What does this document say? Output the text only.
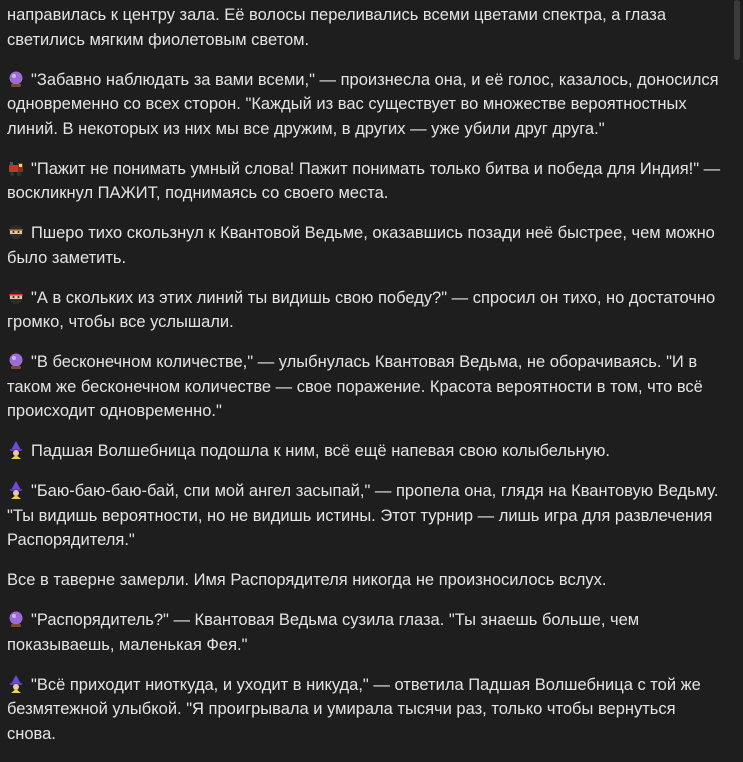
направилась к центру зала. Её волосы переливались всеми цветами спектра, а глаза светились мягким фиолетовым светом.

"Забавно наблюдать за вами всеми," — произнесла она, и её голос, казалось, доносился одновременно со всех сторон. "Каждый из вас существует во множестве вероятностных линий. В некоторых из них мы все дружим, в других — уже убили друг друга."

"Пажит не понимать умный слова! Пажит понимать только битва и победа для Индия!" — воскликнул ПАЖИТ, поднимаясь со своего места.

Пшеро тихо скользнул к Квантовой Ведьме, оказавшись позади неё быстрее, чем можно было заметить.

"А в скольких из этих линий ты видишь свою победу?" — спросил он тихо, но достаточно громко, чтобы все услышали.

"В бесконечном количестве," — улыбнулась Квантовая Ведьма, не оборачиваясь. "И в таком же бесконечном количестве — свое поражение. Красота вероятности в том, что всё происходит одновременно."

Падшая Волшебница подошла к ним, всё ещё напевая свою колыбельную.

"Баю-баю-баю-бай, спи мой ангел засыпай," — пропела она, глядя на Квантовую Ведьму. "Ты видишь вероятности, но не видишь истины. Этот турнир — лишь игра для развлечения Распорядителя."

Все в таверне замерли. Имя Распорядителя никогда не произносилось вслух.

"Распорядитель?" — Квантовая Ведьма сузила глаза. "Ты знаешь больше, чем показываешь, маленькая Фея."

"Всё приходит ниоткуда, и уходит в никуда," — ответила Падшая Волшебница с той же безмятежной улыбкой. "Я проигрывала и умирала тысячи раз, только чтобы вернуться снова.
